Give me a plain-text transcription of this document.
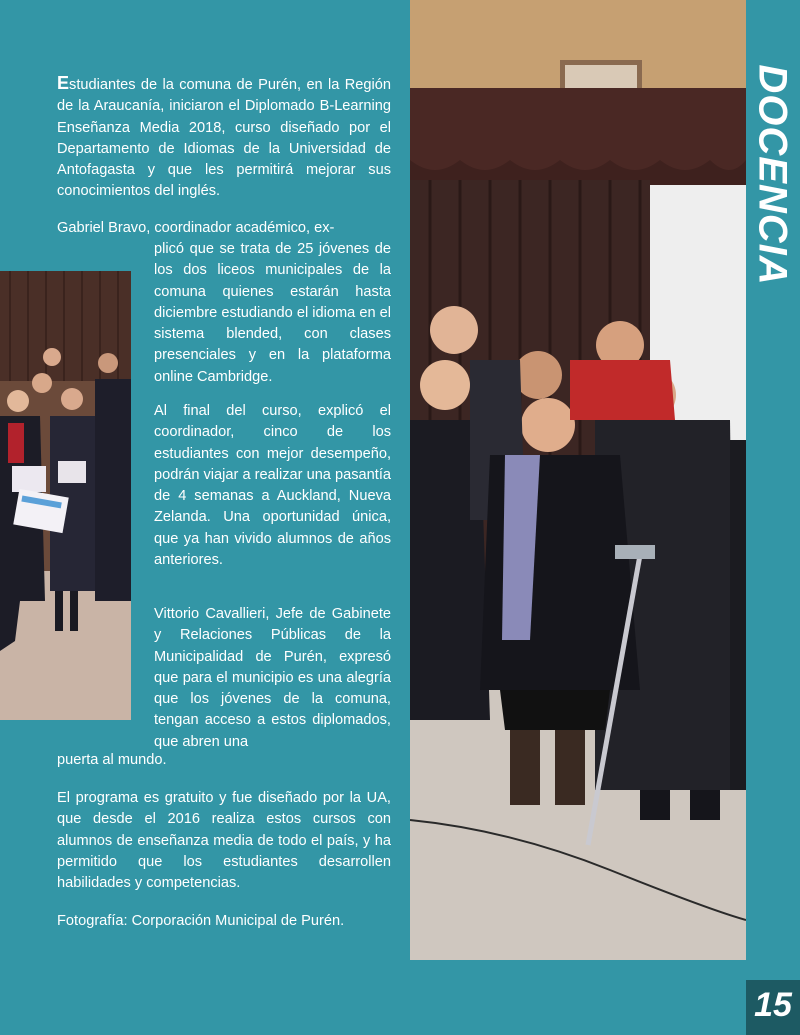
Estudiantes de la comuna de Purén, en la Región de la Araucanía, iniciaron el Diplomado B-Learning Enseñanza Media 2018, curso diseñado por el Departamento de Idiomas de la Universidad de Antofagasta y que les permitirá mejorar sus conocimientos del inglés.
Gabriel Bravo, coordinador académico, ex-
plicó que se trata de 25 jóvenes de los dos liceos municipales de la comuna quienes estarán hasta diciembre estudiando el idioma en el sistema blended, con clases presenciales y en la plataforma online Cambridge.
Al final del curso, explicó el coordinador, cinco de los estudiantes con mejor desempeño, podrán viajar a realizar una pasantía de 4 semanas a Auckland, Nueva Zelanda. Una oportunidad única, que ya han vivido alumnos de años anteriores.
Vittorio Cavallieri, Jefe de Gabinete y Relaciones Públicas de la Municipalidad de Purén, expresó que para el municipio es una alegría que los jóvenes de la comuna, tengan acceso a estos diplomados, que abren una
puerta al mundo.
El programa es gratuito y fue diseñado por la UA, que desde el 2016 realiza estos cursos con alumnos de enseñanza media de todo el país, y ha permitido que los estudiantes desarrollen habilidades y competencias.
Fotografía: Corporación Municipal de Purén.
DOCENCIA
15
